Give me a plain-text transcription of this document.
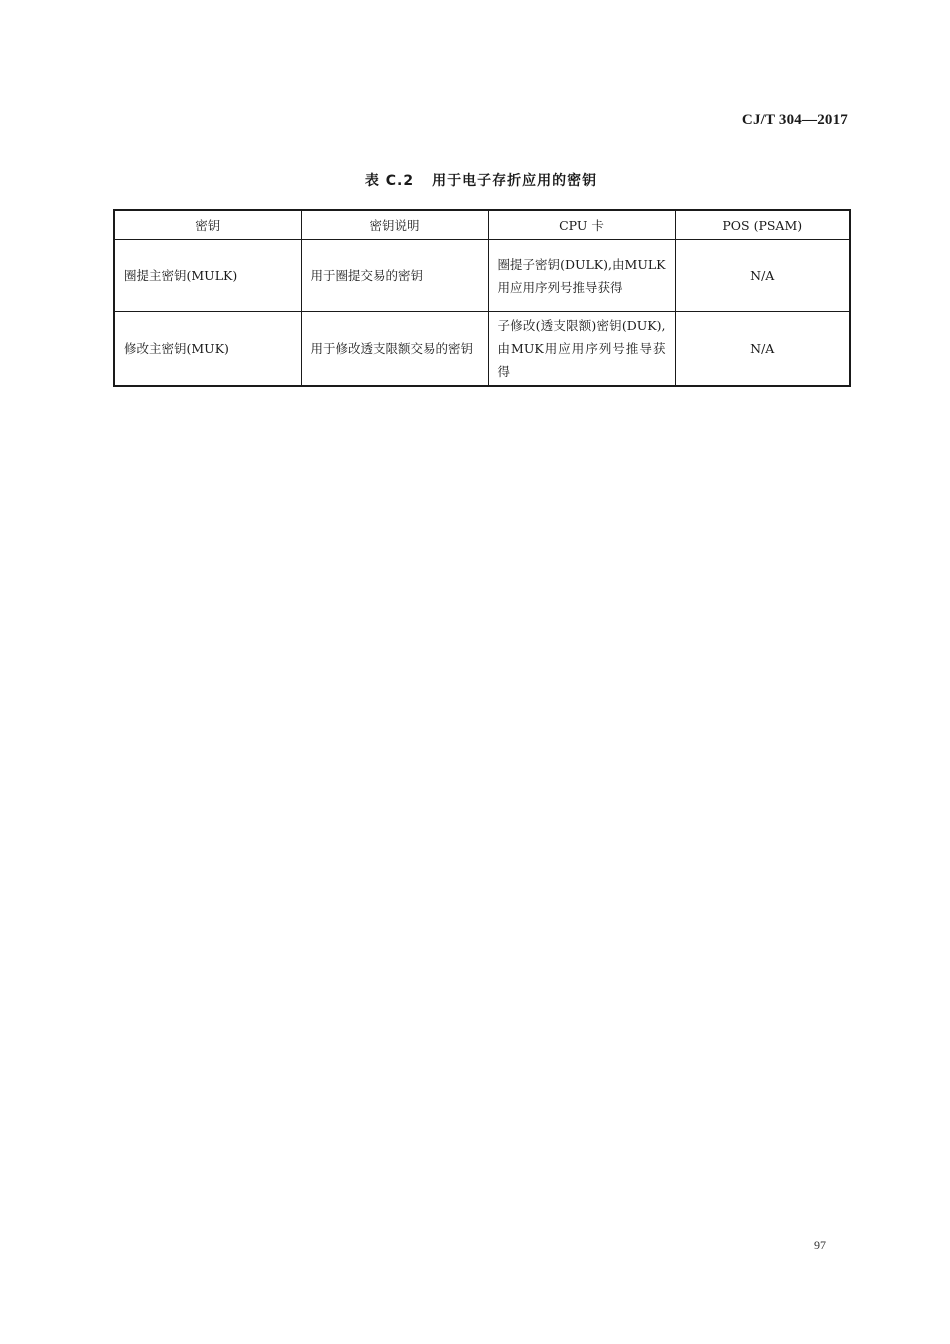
CJ/T 304—2017
表 C.2 用于电子存折应用的密钥
密钥	密钥说明	CPU 卡	POS (PSAM)
圈提主密钥(MULK)	用于圈提交易的密钥	圈提子密钥(DULK),由MULK用应用序列号推导获得	N/A
修改主密钥(MUK)	用于修改透支限额交易的密钥	子修改(透支限额)密钥(DUK),由MUK用应用序列号推导获得	N/A
97
